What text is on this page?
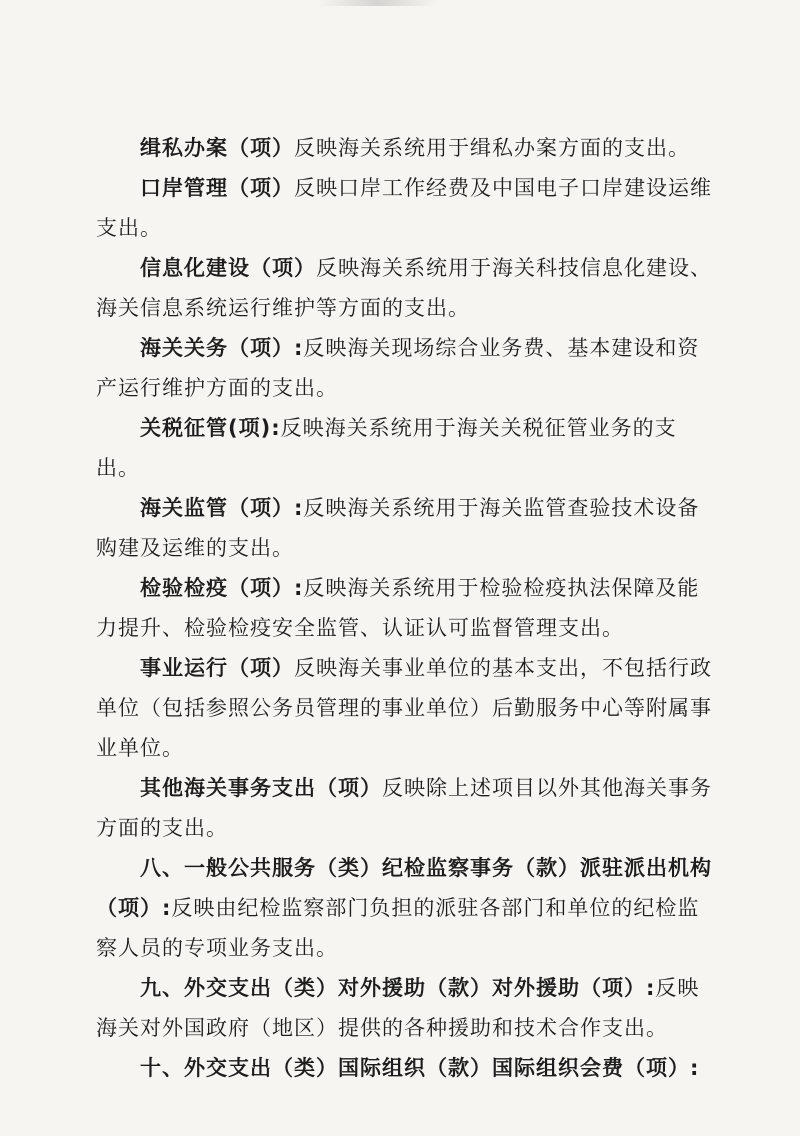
缉私办案（项）反映海关系统用于缉私办案方面的支出。

口岸管理（项）反映口岸工作经费及中国电子口岸建设运维支出。

信息化建设（项）反映海关系统用于海关科技信息化建设、海关信息系统运行维护等方面的支出。

海关关务（项）:反映海关现场综合业务费、基本建设和资产运行维护方面的支出。

关税征管(项):反映海关系统用于海关关税征管业务的支出。

海关监管（项）:反映海关系统用于海关监管查验技术设备购建及运维的支出。

检验检疫（项）:反映海关系统用于检验检疫执法保障及能力提升、检验检疫安全监管、认证认可监督管理支出。

事业运行（项）反映海关事业单位的基本支出，不包括行政单位（包括参照公务员管理的事业单位）后勤服务中心等附属事业单位。

其他海关事务支出（项）反映除上述项目以外其他海关事务方面的支出。

八、一般公共服务（类）纪检监察事务（款）派驻派出机构（项）:反映由纪检监察部门负担的派驻各部门和单位的纪检监察人员的专项业务支出。

九、外交支出（类）对外援助（款）对外援助（项）:反映海关对外国政府（地区）提供的各种援助和技术合作支出。

十、外交支出（类）国际组织（款）国际组织会费（项）:
